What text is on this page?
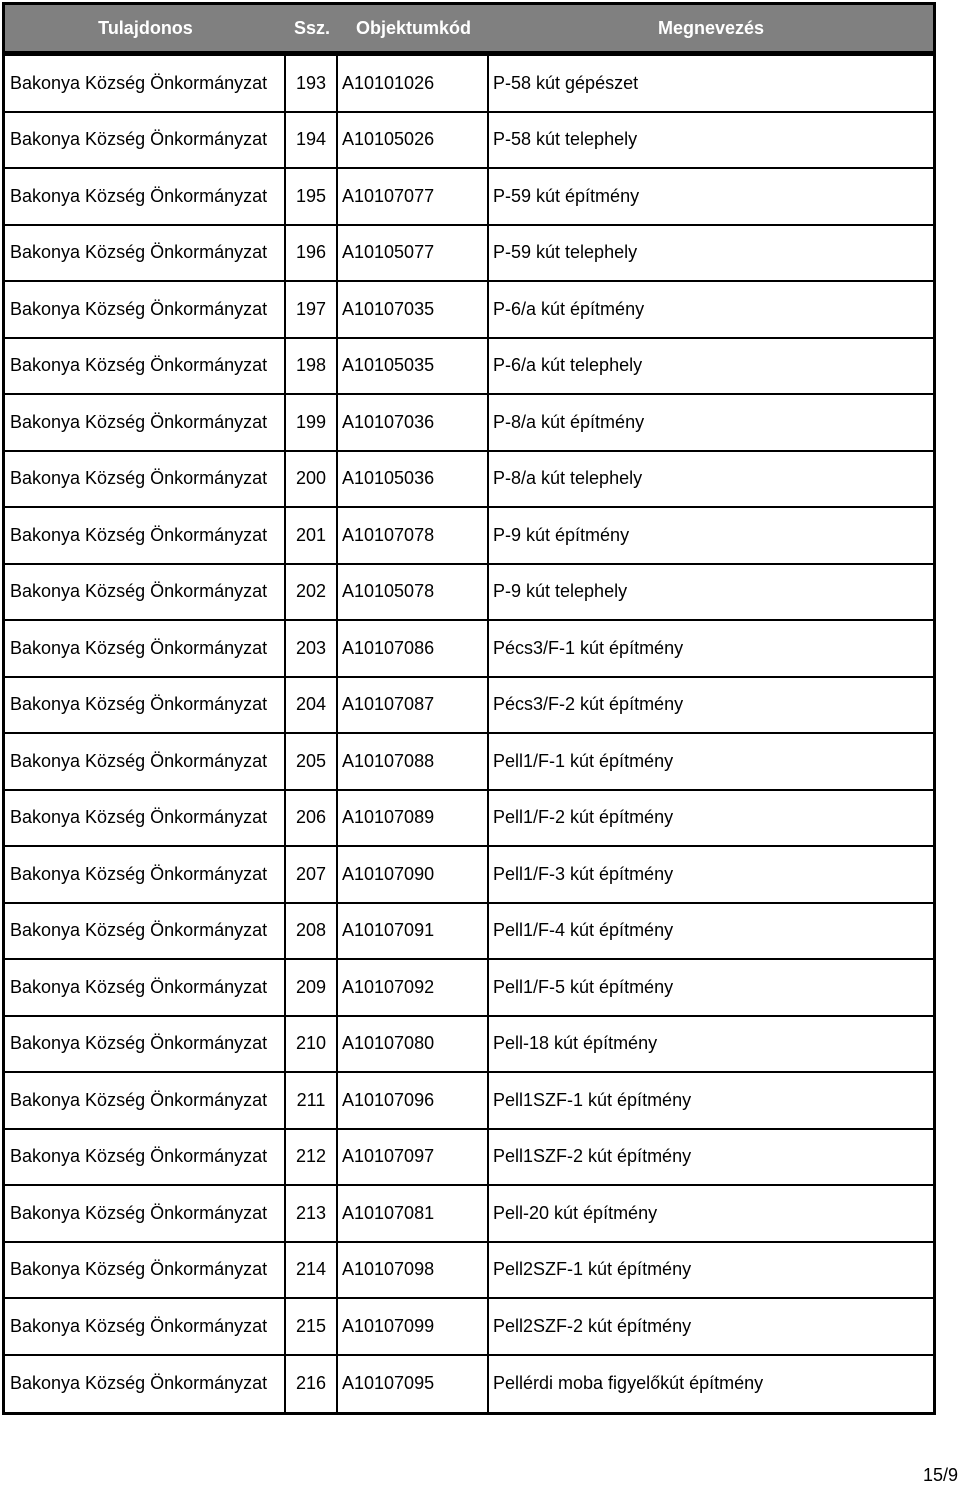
Tulajdonos	Ssz.	Objektumkód	Megnevezés
Bakonya Község Önkormányzat	193 A10101026	P-58 kút gépészet
Bakonya Község Önkormányzat	194 A10105026	P-58 kút telephely
Bakonya Község Önkormányzat	195 A10107077	P-59 kút építmény
Bakonya Község Önkormányzat	196 A10105077	P-59 kút telephely
Bakonya Község Önkormányzat	197 A10107035	P-6/a kút építmény
Bakonya Község Önkormányzat	198 A10105035	P-6/a kút telephely
Bakonya Község Önkormányzat	199 A10107036	P-8/a kút építmény
Bakonya Község Önkormányzat	200 A10105036	P-8/a kút telephely
Bakonya Község Önkormányzat	201 A10107078	P-9 kút építmény
Bakonya Község Önkormányzat	202 A10105078	P-9 kút telephely
Bakonya Község Önkormányzat	203 A10107086	Pécs3/F-1 kút építmény
Bakonya Község Önkormányzat	204 A10107087	Pécs3/F-2 kút építmény
Bakonya Község Önkormányzat	205 A10107088	Pell1/F-1 kút építmény
Bakonya Község Önkormányzat	206 A10107089	Pell1/F-2 kút építmény
Bakonya Község Önkormányzat	207 A10107090	Pell1/F-3 kút építmény
Bakonya Község Önkormányzat	208 A10107091	Pell1/F-4 kút építmény
Bakonya Község Önkormányzat	209 A10107092	Pell1/F-5 kút építmény
Bakonya Község Önkormányzat	210 A10107080	Pell-18 kút építmény
Bakonya Község Önkormányzat	211 A10107096	Pell1SZF-1 kút építmény
Bakonya Község Önkormányzat	212 A10107097	Pell1SZF-2 kút építmény
Bakonya Község Önkormányzat	213 A10107081	Pell-20 kút építmény
Bakonya Község Önkormányzat	214 A10107098	Pell2SZF-1 kút építmény
Bakonya Község Önkormányzat	215 A10107099	Pell2SZF-2 kút építmény
Bakonya Község Önkormányzat	216 A10107095	Pellérdi moba figyelőkút építmény
15/9
